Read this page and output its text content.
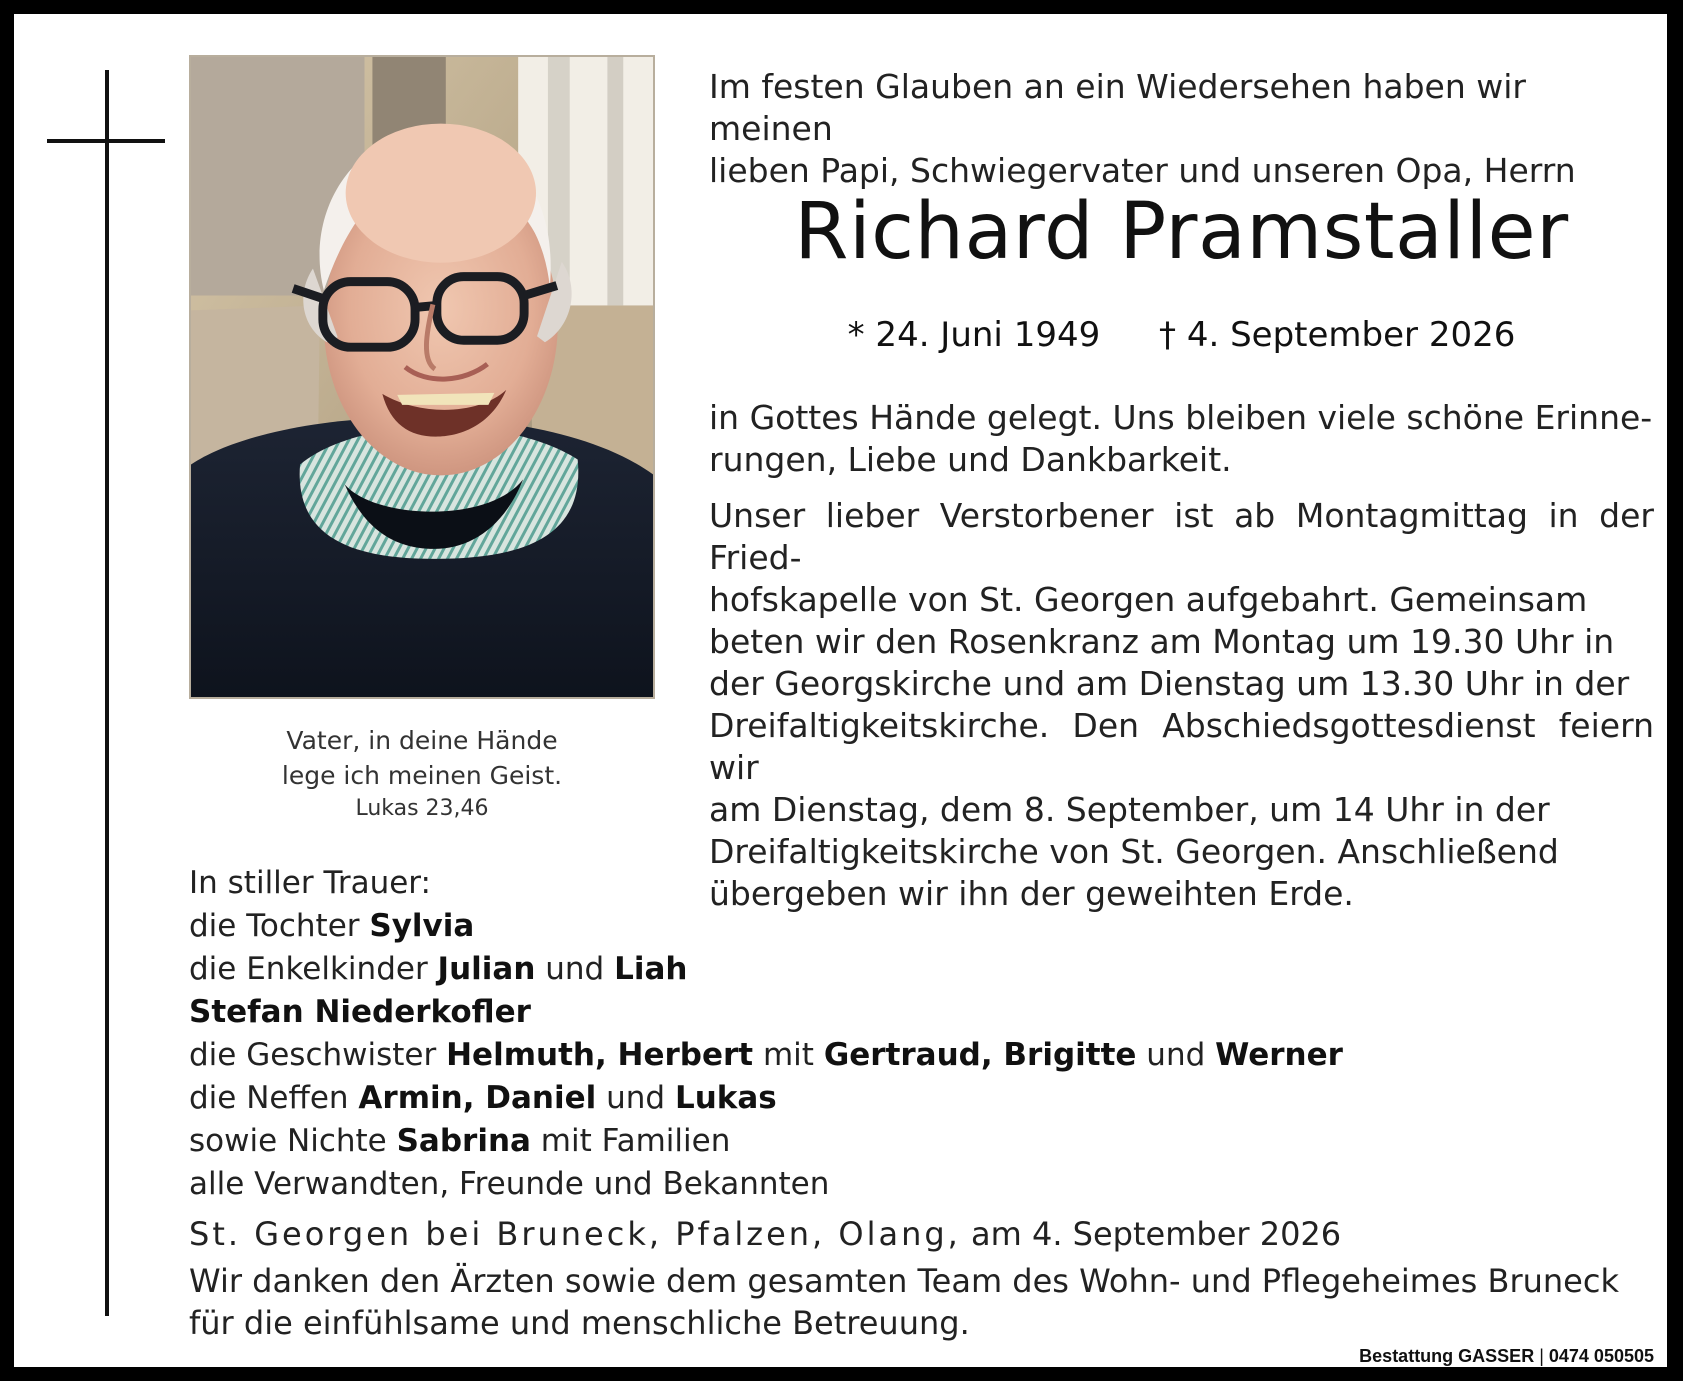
Vater, in deine Hände
lege ich meinen Geist.
Lukas 23,46
Im festen Glauben an ein Wiedersehen haben wir meinen
lieben Papi, Schwiegervater und unseren Opa, Herrn
Richard Pramstaller
* 24. Juni 1949 † 4. September 2026
in Gottes Hände gelegt. Uns bleiben viele schöne Erinne-
rungen, Liebe und Dankbarkeit.
Unser lieber Verstorbener ist ab Montagmittag in der Fried-
hofskapelle von St. Georgen aufgebahrt. Gemeinsam
beten wir den Rosenkranz am Montag um 19.30 Uhr in
der Georgskirche und am Dienstag um 13.30 Uhr in der
Dreifaltigkeitskirche. Den Abschiedsgottesdienst feiern wir
am Dienstag, dem 8. September, um 14 Uhr in der
Dreifaltigkeitskirche von St. Georgen. Anschließend
übergeben wir ihn der geweihten Erde.
In stiller Trauer:
die Tochter Sylvia
die Enkelkinder Julian und Liah
Stefan Niederkofler
die Geschwister Helmuth, Herbert mit Gertraud, Brigitte und Werner
die Neffen Armin, Daniel und Lukas
sowie Nichte Sabrina mit Familien
alle Verwandten, Freunde und Bekannten
St. Georgen bei Bruneck, Pfalzen, Olang, am 4. September 2026
Wir danken den Ärzten sowie dem gesamten Team des Wohn- und Pflegeheimes Bruneck
für die einfühlsame und menschliche Betreuung.
Bestattung GASSER | 0474 050505
